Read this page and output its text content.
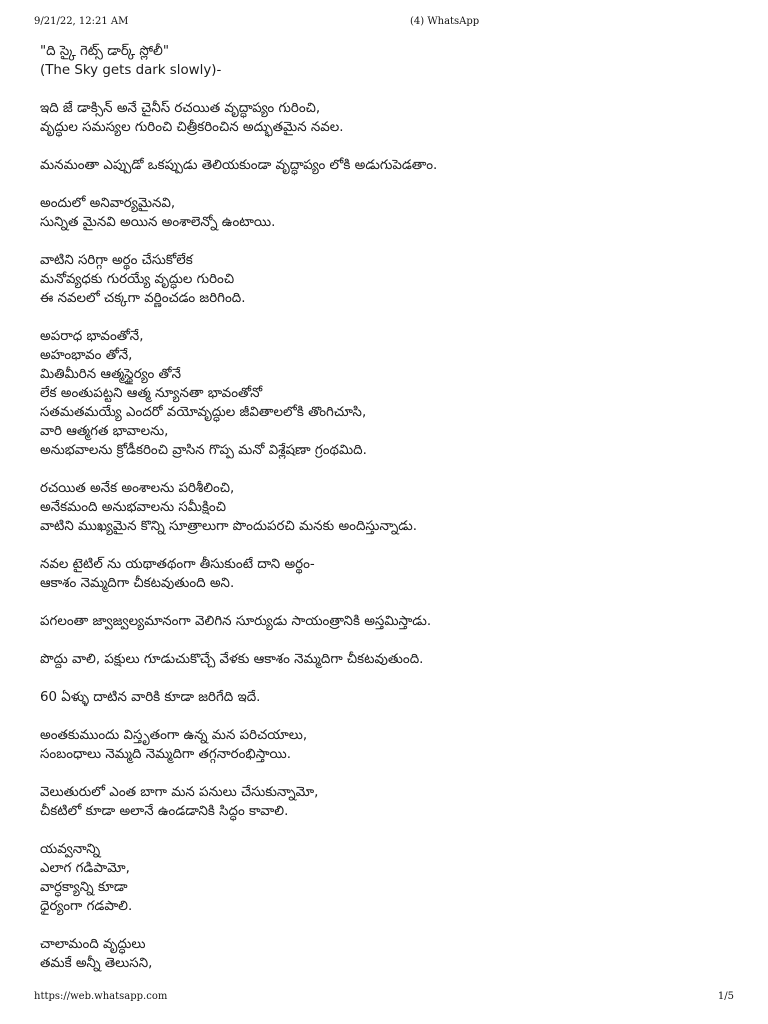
9/21/22, 12:21 AM	(4) WhatsApp
"ది స్కై గెట్స్ డార్క్ స్లోలీ"
(The Sky gets dark slowly)-
ఇది జే డాక్సిన్ అనే చైనీస్ రచయిత వృద్ధాప్యం గురించి,
వృద్ధుల సమస్యల గురించి చిత్రీకరించిన అద్భుతమైన నవల.
మనమంతా ఎప్పుడో ఒకప్పుడు తెలియకుండా వృద్ధాప్యం లోకి అడుగుపెడతాం.
అందులో అనివార్యమైనవి,
సున్నిత మైనవి అయిన అంశాలెన్నో ఉంటాయి.
వాటిని సరిగ్గా అర్థం చేసుకోలేక
మనోవ్యధకు గురయ్యే వృద్ధుల గురించి
ఈ నవలలో చక్కగా వర్ణించడం జరిగింది.
అపరాధ భావంతోనే,
అహంభావం తోనే,
మితిమీరిన ఆత్మస్థైర్యం తోనే
లేక అంతుపట్టని ఆత్మ న్యూనతా భావంతోనో
సతమతమయ్యే ఎందరో వయోవృద్ధుల జీవితాలలోకి తొంగిచూసి,
వారి ఆత్మగత భావాలను,
అనుభవాలను క్రోడీకరించి వ్రాసిన గొప్ప మనో విశ్లేషణా గ్రంథమిది.
రచయిత అనేక అంశాలను పరిశీలించి,
అనేకమంది అనుభవాలను సమీక్షించి
వాటిని ముఖ్యమైన కొన్ని సూత్రాలుగా పొందుపరచి మనకు అందిస్తున్నాడు.
నవల టైటిల్ ను యథాతథంగా తీసుకుంటే దాని అర్థం-
ఆకాశం నెమ్మదిగా చీకటవుతుంది అని.
పగలంతా జ్వాజ్వల్యమానంగా వెలిగిన సూర్యుడు సాయంత్రానికి అస్తమిస్తాడు.
పొద్దు వాలి, పక్షులు గూడుచుకొచ్చే వేళకు ఆకాశం నెమ్మదిగా చీకటవుతుంది.
60 ఏళ్ళు దాటిన వారికి కూడా జరిగేది ఇదే.
అంతకుముందు విస్తృతంగా ఉన్న మన పరిచయాలు,
సంబంధాలు నెమ్మది నెమ్మదిగా తగ్గనారంభిస్తాయి.
వెలుతురులో ఎంత బాగా మన పనులు చేసుకున్నామో,
చీకటిలో కూడా అలానే ఉండడానికి సిద్ధం కావాలి.
యవ్వనాన్ని
ఎలాగ గడిపామో,
వార్ధక్యాన్ని కూడా
ధైర్యంగా గడపాలి.
చాలామంది వృద్ధులు
తమకే అన్నీ తెలుసని,
https://web.whatsapp.com	1/5
